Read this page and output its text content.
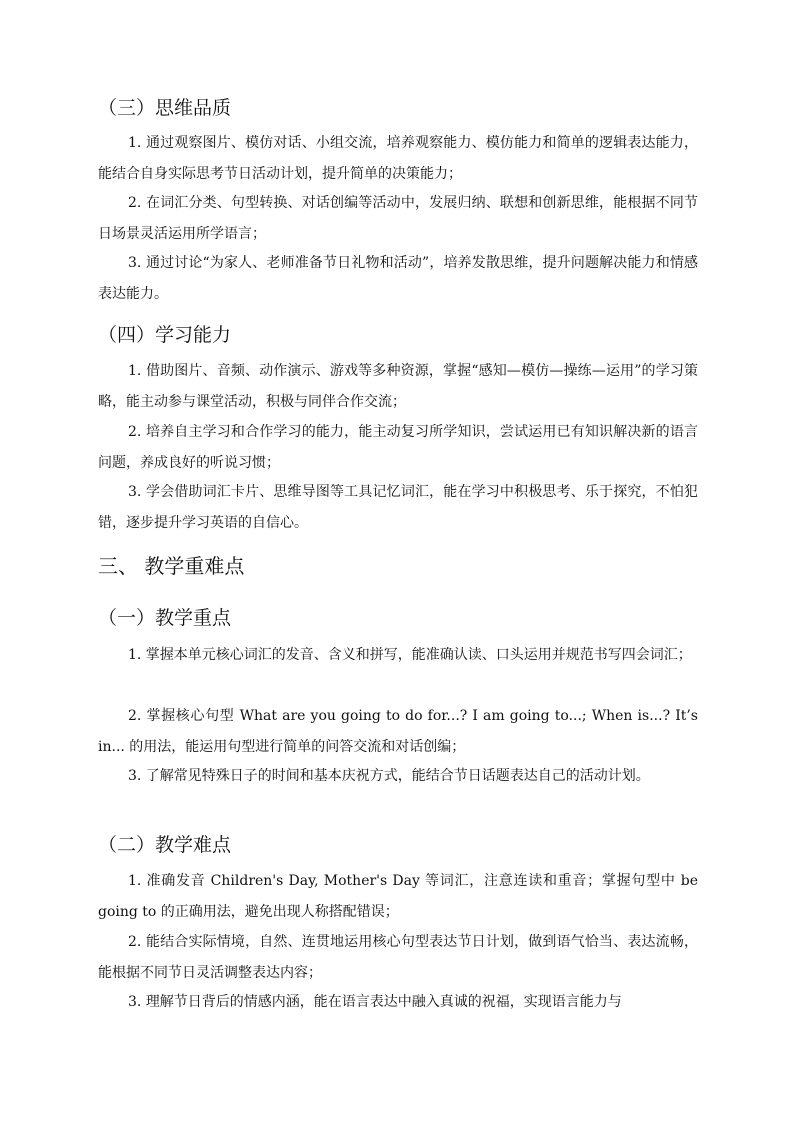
（三）思维品质

1. 通过观察图片、模仿对话、小组交流，培养观察能力、模仿能力和简单的逻辑表达能力，能结合自身实际思考节日活动计划，提升简单的决策能力；

2. 在词汇分类、句型转换、对话创编等活动中，发展归纳、联想和创新思维，能根据不同节日场景灵活运用所学语言；

3. 通过讨论“为家人、老师准备节日礼物和活动”，培养发散思维，提升问题解决能力和情感表达能力。

（四）学习能力

1. 借助图片、音频、动作演示、游戏等多种资源，掌握“感知—模仿—操练—运用”的学习策略，能主动参与课堂活动，积极与同伴合作交流；

2. 培养自主学习和合作学习的能力，能主动复习所学知识，尝试运用已有知识解决新的语言问题，养成良好的听说习惯；

3. 学会借助词汇卡片、思维导图等工具记忆词汇，能在学习中积极思考、乐于探究，不怕犯错，逐步提升学习英语的自信心。

三、 教学重难点
（一）教学重点

1. 掌握本单元核心词汇的发音、含义和拼写，能准确认读、口头运用并规范书写四会词汇；

2. 掌握核心句型 What are you going to do for...? I am going to...; When is...? It’s in... 的用法，能运用句型进行简单的问答交流和对话创编；

3. 了解常见特殊日子的时间和基本庆祝方式，能结合节日话题表达自己的活动计划。

（二）教学难点

1. 准确发音 Children's Day, Mother's Day 等词汇，注意连读和重音；掌握句型中 be going to 的正确用法，避免出现人称搭配错误；

2. 能结合实际情境，自然、连贯地运用核心句型表达节日计划，做到语气恰当、表达流畅，能根据不同节日灵活调整表达内容；

3. 理解节日背后的情感内涵，能在语言表达中融入真诚的祝福，实现语言能力与
